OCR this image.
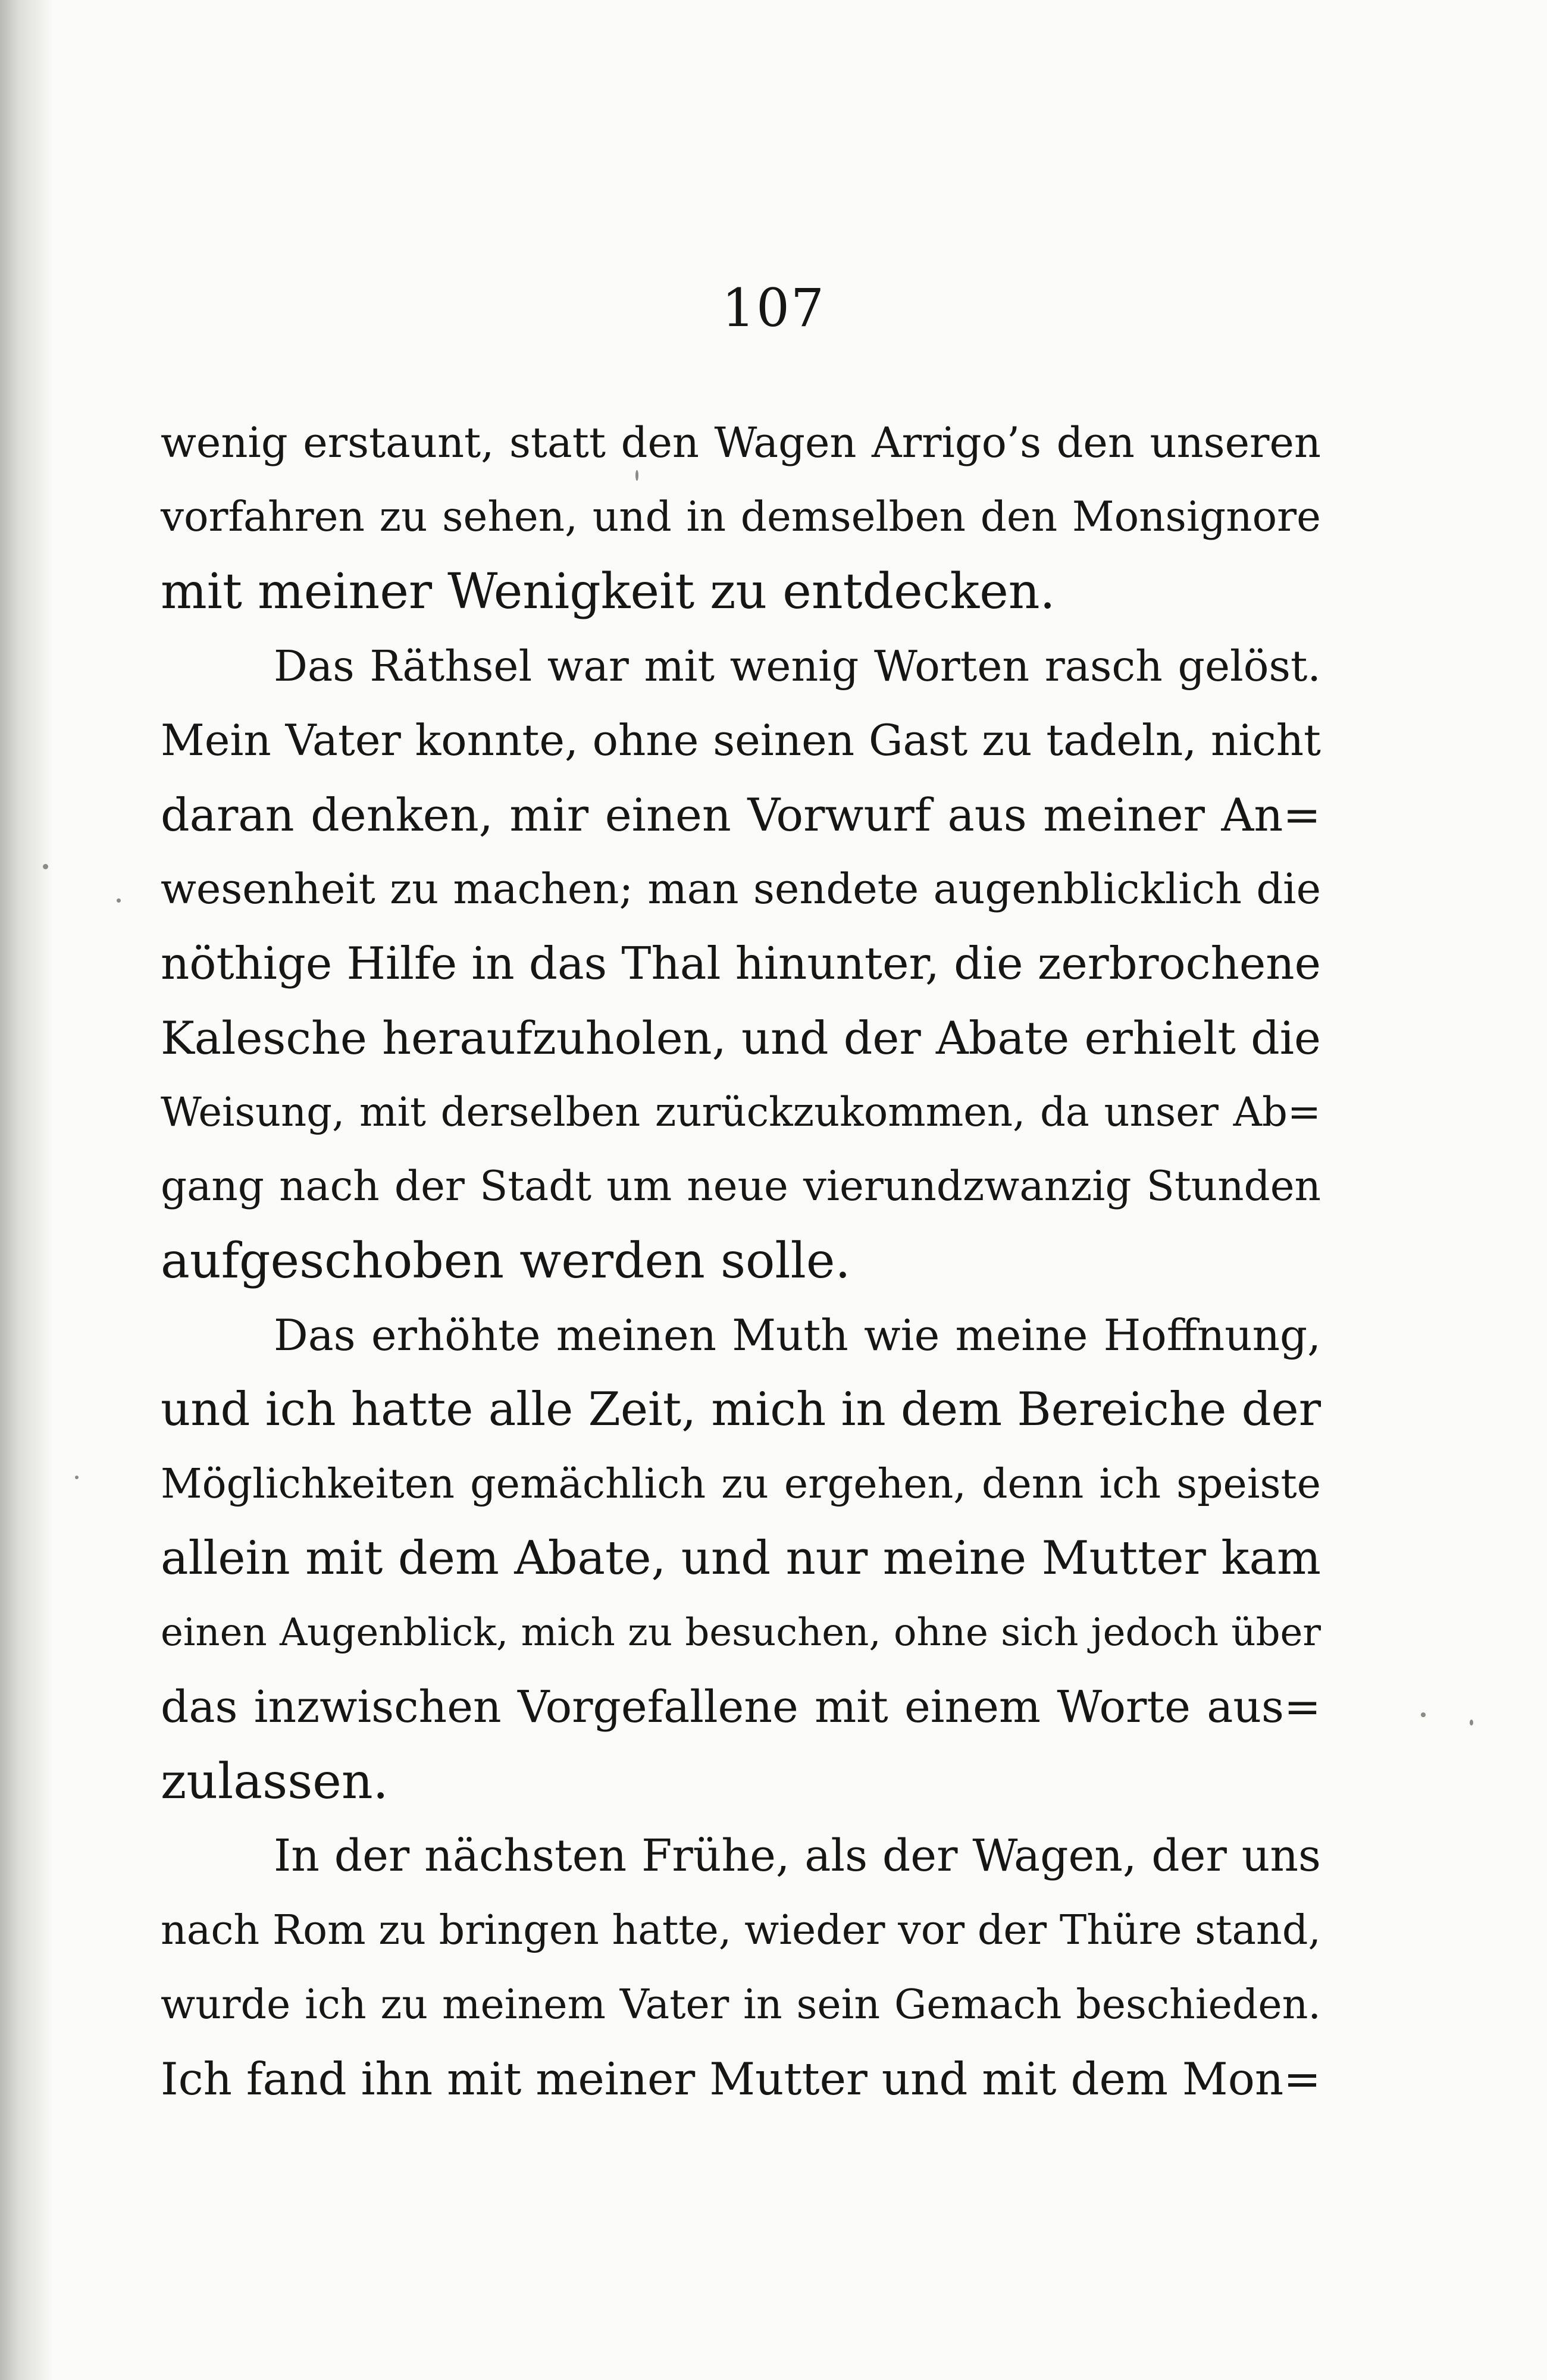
107
wenig erstaunt, statt den Wagen Arrigo’s den unseren
vorfahren zu sehen, und in demselben den Monsignore
mit meiner Wenigkeit zu entdecken.
Das Räthsel war mit wenig Worten rasch gelöst.
Mein Vater konnte, ohne seinen Gast zu tadeln, nicht
daran denken, mir einen Vorwurf aus meiner An=
wesenheit zu machen; man sendete augenblicklich die
nöthige Hilfe in das Thal hinunter, die zerbrochene
Kalesche heraufzuholen, und der Abate erhielt die
Weisung, mit derselben zurückzukommen, da unser Ab=
gang nach der Stadt um neue vierundzwanzig Stunden
aufgeschoben werden solle.
Das erhöhte meinen Muth wie meine Hoffnung,
und ich hatte alle Zeit, mich in dem Bereiche der
Möglichkeiten gemächlich zu ergehen, denn ich speiste
allein mit dem Abate, und nur meine Mutter kam
einen Augenblick, mich zu besuchen, ohne sich jedoch über
das inzwischen Vorgefallene mit einem Worte aus=
zulassen.
In der nächsten Frühe, als der Wagen, der uns
nach Rom zu bringen hatte, wieder vor der Thüre stand,
wurde ich zu meinem Vater in sein Gemach beschieden.
Ich fand ihn mit meiner Mutter und mit dem Mon=
